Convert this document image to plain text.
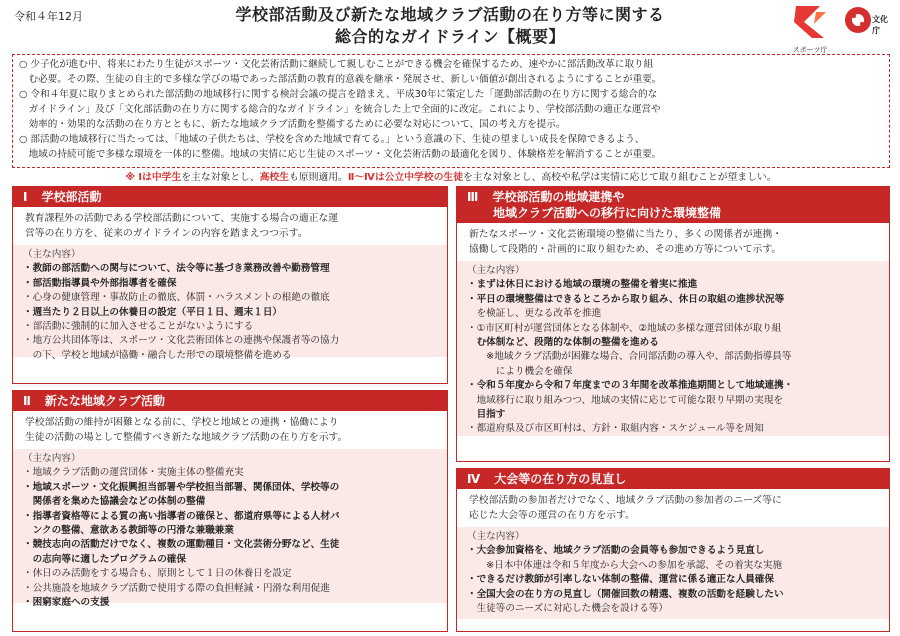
令和４年12月	学校部活動及び新たな地域クラブ活動の在り方等に関する
総合的なガイドライン【概要】
スポーツ庁
文化庁

○ 少子化が進む中、将来にわたり生徒がスポーツ・文化芸術活動に継続して親しむことができる機会を確保するため、速やかに部活動改革に取り組

　む必要。その際、生徒の自主的で多様な学びの場であった部活動の教育的意義を継承・発展させ、新しい価値が創出されるようにすることが重要。

○ 令和４年夏に取りまとめられた部活動の地域移行に関する検討会議の提言を踏まえ、平成30年に策定した「運動部活動の在り方に関する総合的な

　ガイドライン」及び「文化部活動の在り方に関する総合的なガイドライン」を統合した上で全面的に改定。これにより、学校部活動の適正な運営や

　効率的・効果的な活動の在り方とともに、新たな地域クラブ活動を整備するために必要な対応について、国の考え方を提示。

○ 部活動の地域移行に当たっては、「地域の子供たちは、学校を含めた地域で育てる。」という意識の下、生徒の望ましい成長を保障できるよう、

　地域の持続可能で多様な環境を一体的に整備。地域の実情に応じ生徒のスポーツ・文化芸術活動の最適化を図り、体験格差を解消することが重要。

※ Ⅰは中学生を主な対象とし、高校生も原則適用。Ⅱ～Ⅳは公立中学校の生徒を主な対象とし、高校や私学は実情に応じて取り組むことが望ましい。
Ⅰ 学校部活動
教育課程外の活動である学校部活動について、実施する場合の適正な運
営等の在り方を、従来のガイドラインの内容を踏まえつつ示す。
（主な内容）
・教師の部活動への関与について、法令等に基づき業務改善や勤務管理
・部活動指導員や外部指導者を確保
・心身の健康管理・事故防止の徹底、体罰・ハラスメントの根絶の徹底
・週当たり２日以上の休養日の設定（平日１日、週末１日）
・部活動に強制的に加入させることがないようにする
・地方公共団体等は、スポーツ・文化芸術団体との連携や保護者等の協力
　の下、学校と地域が協働・融合した形での環境整備を進める
Ⅱ 新たな地域クラブ活動
学校部活動の維持が困難となる前に、学校と地域との連携・協働により
生徒の活動の場として整備すべき新たな地域クラブ活動の在り方を示す。
（主な内容）
・地域クラブ活動の運営団体・実施主体の整備充実
・地域スポーツ・文化振興担当部署や学校担当部署、関係団体、学校等の
　関係者を集めた協議会などの体制の整備
・指導者資格等による質の高い指導者の確保と、都道府県等による人材バ
　ンクの整備、意欲ある教師等の円滑な兼職兼業
・競技志向の活動だけでなく、複数の運動種目・文化芸術分野など、生徒
　の志向等に適したプログラムの確保
・休日のみ活動をする場合も、原則として１日の休養日を設定
・公共施設を地域クラブ活動で使用する際の負担軽減・円滑な利用促進
・困窮家庭への支援
Ⅲ 学校部活動の地域連携や
地域クラブ活動への移行に向けた環境整備
新たなスポーツ・文化芸術環境の整備に当たり、多くの関係者が連携・
協働して段階的・計画的に取り組むため、その進め方等について示す。
（主な内容）
・まずは休日における地域の環境の整備を着実に推進
・平日の環境整備はできるところから取り組み、休日の取組の進捗状況等
　を検証し、更なる改革を推進
・①市区町村が運営団体となる体制や、②地域の多様な運営団体が取り組
　む体制など、段階的な体制の整備を進める
　　※地域クラブ活動が困難な場合、合同部活動の導入や、部活動指導員等
　　　により機会を確保
・令和５年度から令和７年度までの３年間を改革推進期間として地域連携・
　地域移行に取り組みつつ、地域の実情に応じて可能な限り早期の実現を
　目指す
・都道府県及び市区町村は、方針・取組内容・スケジュール等を周知
Ⅳ 大会等の在り方の見直し
学校部活動の参加者だけでなく、地域クラブ活動の参加者のニーズ等に
応じた大会等の運営の在り方を示す。
（主な内容）
・大会参加資格を、地域クラブ活動の会員等も参加できるよう見直し
　　※日本中体連は令和５年度から大会への参加を承認、その着実な実施
・できるだけ教師が引率しない体制の整備、運営に係る適正な人員確保
・全国大会の在り方の見直し（開催回数の精選、複数の活動を経験したい
　生徒等のニーズに対応した機会を設ける等）
